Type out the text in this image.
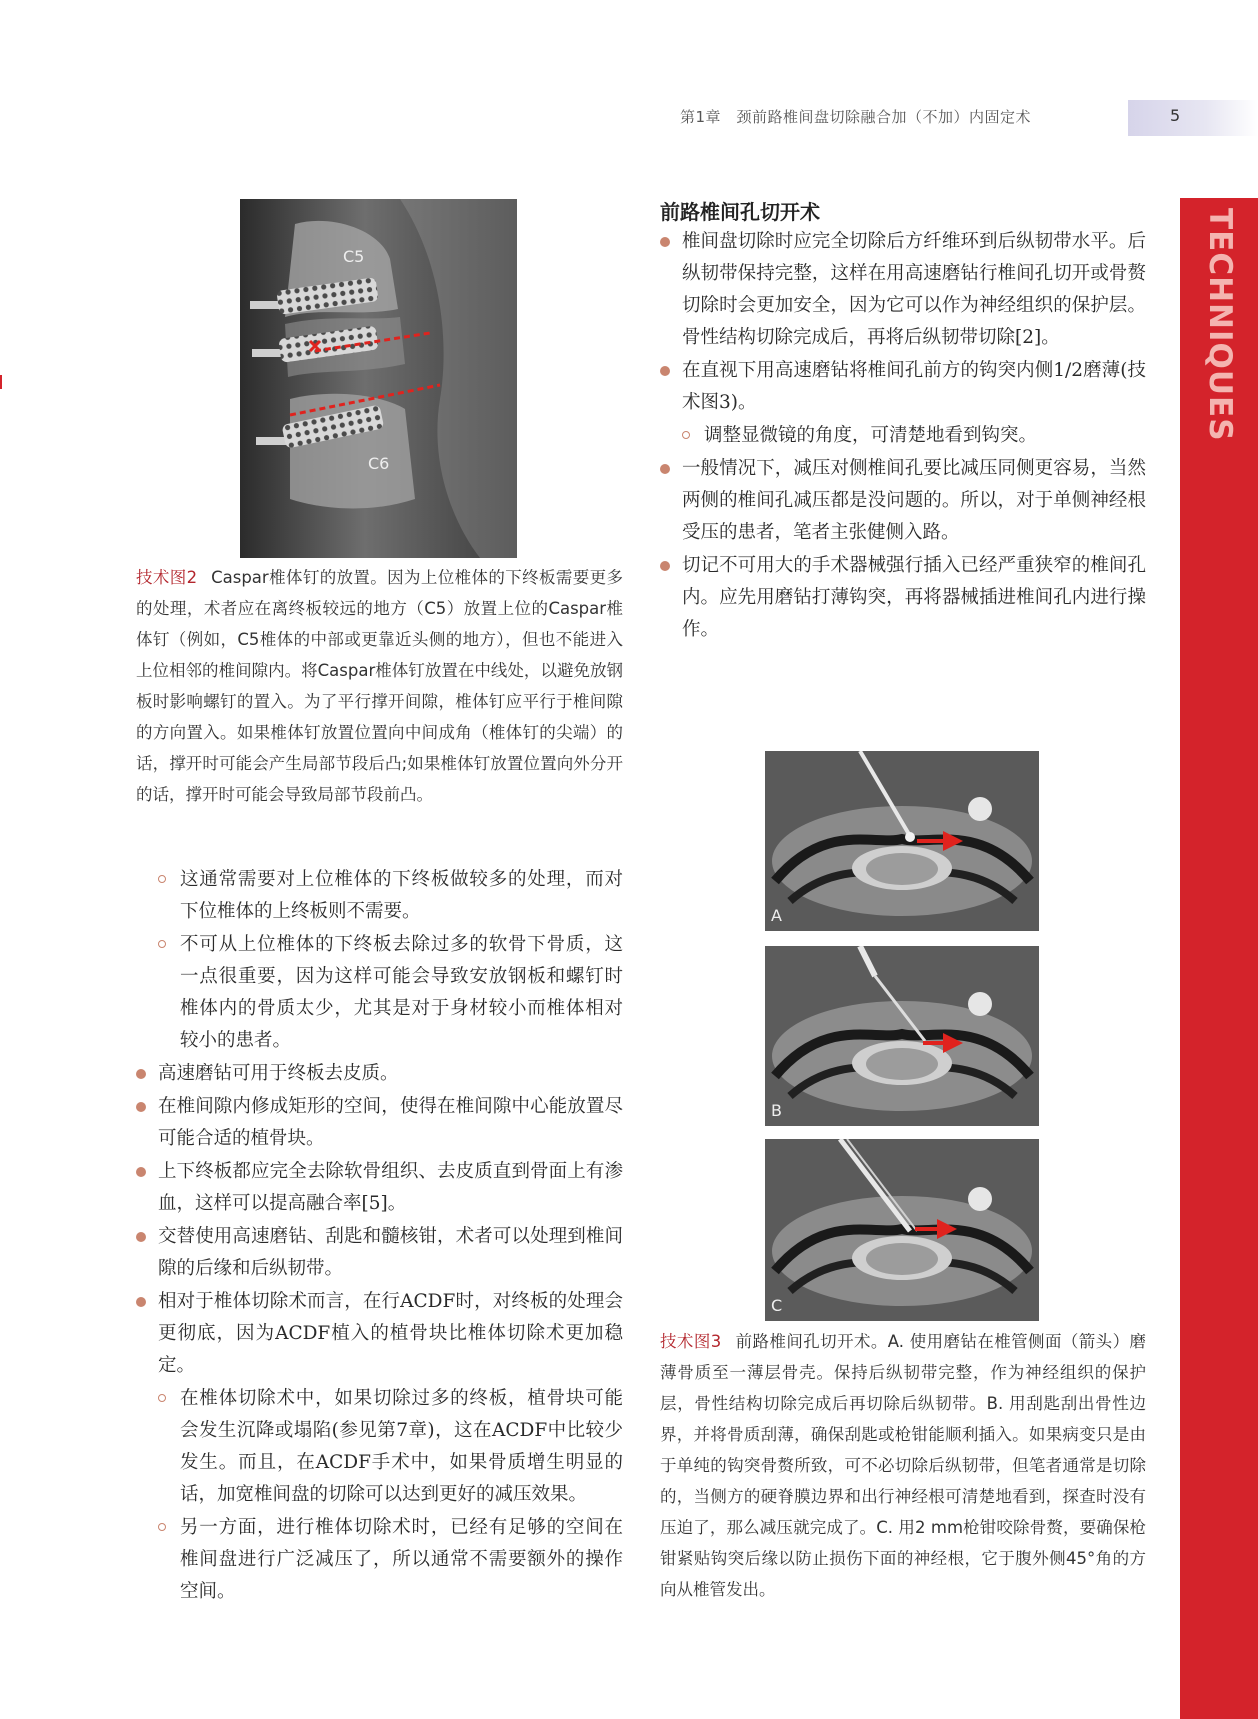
第1章　颈前路椎间盘切除融合加（不加）内固定术	5
TECHNIQUES
C5
C6
技术图2 Caspar椎体钉的放置。因为上位椎体的下终板需要更多的处理，术者应在离终板较远的地方（C5）放置上位的Caspar椎体钉（例如，C5椎体的中部或更靠近头侧的地方），但也不能进入上位相邻的椎间隙内。将Caspar椎体钉放置在中线处，以避免放钢板时影响螺钉的置入。为了平行撑开间隙，椎体钉应平行于椎间隙的方向置入。如果椎体钉放置位置向中间成角（椎体钉的尖端）的话，撑开时可能会产生局部节段后凸;如果椎体钉放置位置向外分开的话，撑开时可能会导致局部节段前凸。
这通常需要对上位椎体的下终板做较多的处理，而对下位椎体的上终板则不需要。
不可从上位椎体的下终板去除过多的软骨下骨质，这一点很重要，因为这样可能会导致安放钢板和螺钉时椎体内的骨质太少，尤其是对于身材较小而椎体相对较小的患者。
高速磨钻可用于终板去皮质。
在椎间隙内修成矩形的空间，使得在椎间隙中心能放置尽可能合适的植骨块。
上下终板都应完全去除软骨组织、去皮质直到骨面上有渗血，这样可以提高融合率[5]。
交替使用高速磨钻、刮匙和髓核钳，术者可以处理到椎间隙的后缘和后纵韧带。
相对于椎体切除术而言，在行ACDF时，对终板的处理会更彻底，因为ACDF植入的植骨块比椎体切除术更加稳定。
在椎体切除术中，如果切除过多的终板，植骨块可能会发生沉降或塌陷(参见第7章)，这在ACDF中比较少发生。而且，在ACDF手术中，如果骨质增生明显的话，加宽椎间盘的切除可以达到更好的减压效果。
另一方面，进行椎体切除术时，已经有足够的空间在椎间盘进行广泛减压了，所以通常不需要额外的操作空间。
前路椎间孔切开术
椎间盘切除时应完全切除后方纤维环到后纵韧带水平。后纵韧带保持完整，这样在用高速磨钻行椎间孔切开或骨赘切除时会更加安全，因为它可以作为神经组织的保护层。骨性结构切除完成后，再将后纵韧带切除[2]。
在直视下用高速磨钻将椎间孔前方的钩突内侧1/2磨薄(技术图3)。
调整显微镜的角度，可清楚地看到钩突。
一般情况下，减压对侧椎间孔要比减压同侧更容易，当然两侧的椎间孔减压都是没问题的。所以，对于单侧神经根受压的患者，笔者主张健侧入路。
切记不可用大的手术器械强行插入已经严重狭窄的椎间孔内。应先用磨钻打薄钩突，再将器械插进椎间孔内进行操作。
A
B
C
技术图3 前路椎间孔切开术。A. 使用磨钻在椎管侧面（箭头）磨薄骨质至一薄层骨壳。保持后纵韧带完整，作为神经组织的保护层，骨性结构切除完成后再切除后纵韧带。B. 用刮匙刮出骨性边界，并将骨质刮薄，确保刮匙或枪钳能顺利插入。如果病变只是由于单纯的钩突骨赘所致，可不必切除后纵韧带，但笔者通常是切除的，当侧方的硬脊膜边界和出行神经根可清楚地看到，探查时没有压迫了，那么减压就完成了。C. 用2 mm枪钳咬除骨赘，要确保枪钳紧贴钩突后缘以防止损伤下面的神经根，它于腹外侧45°角的方向从椎管发出。
